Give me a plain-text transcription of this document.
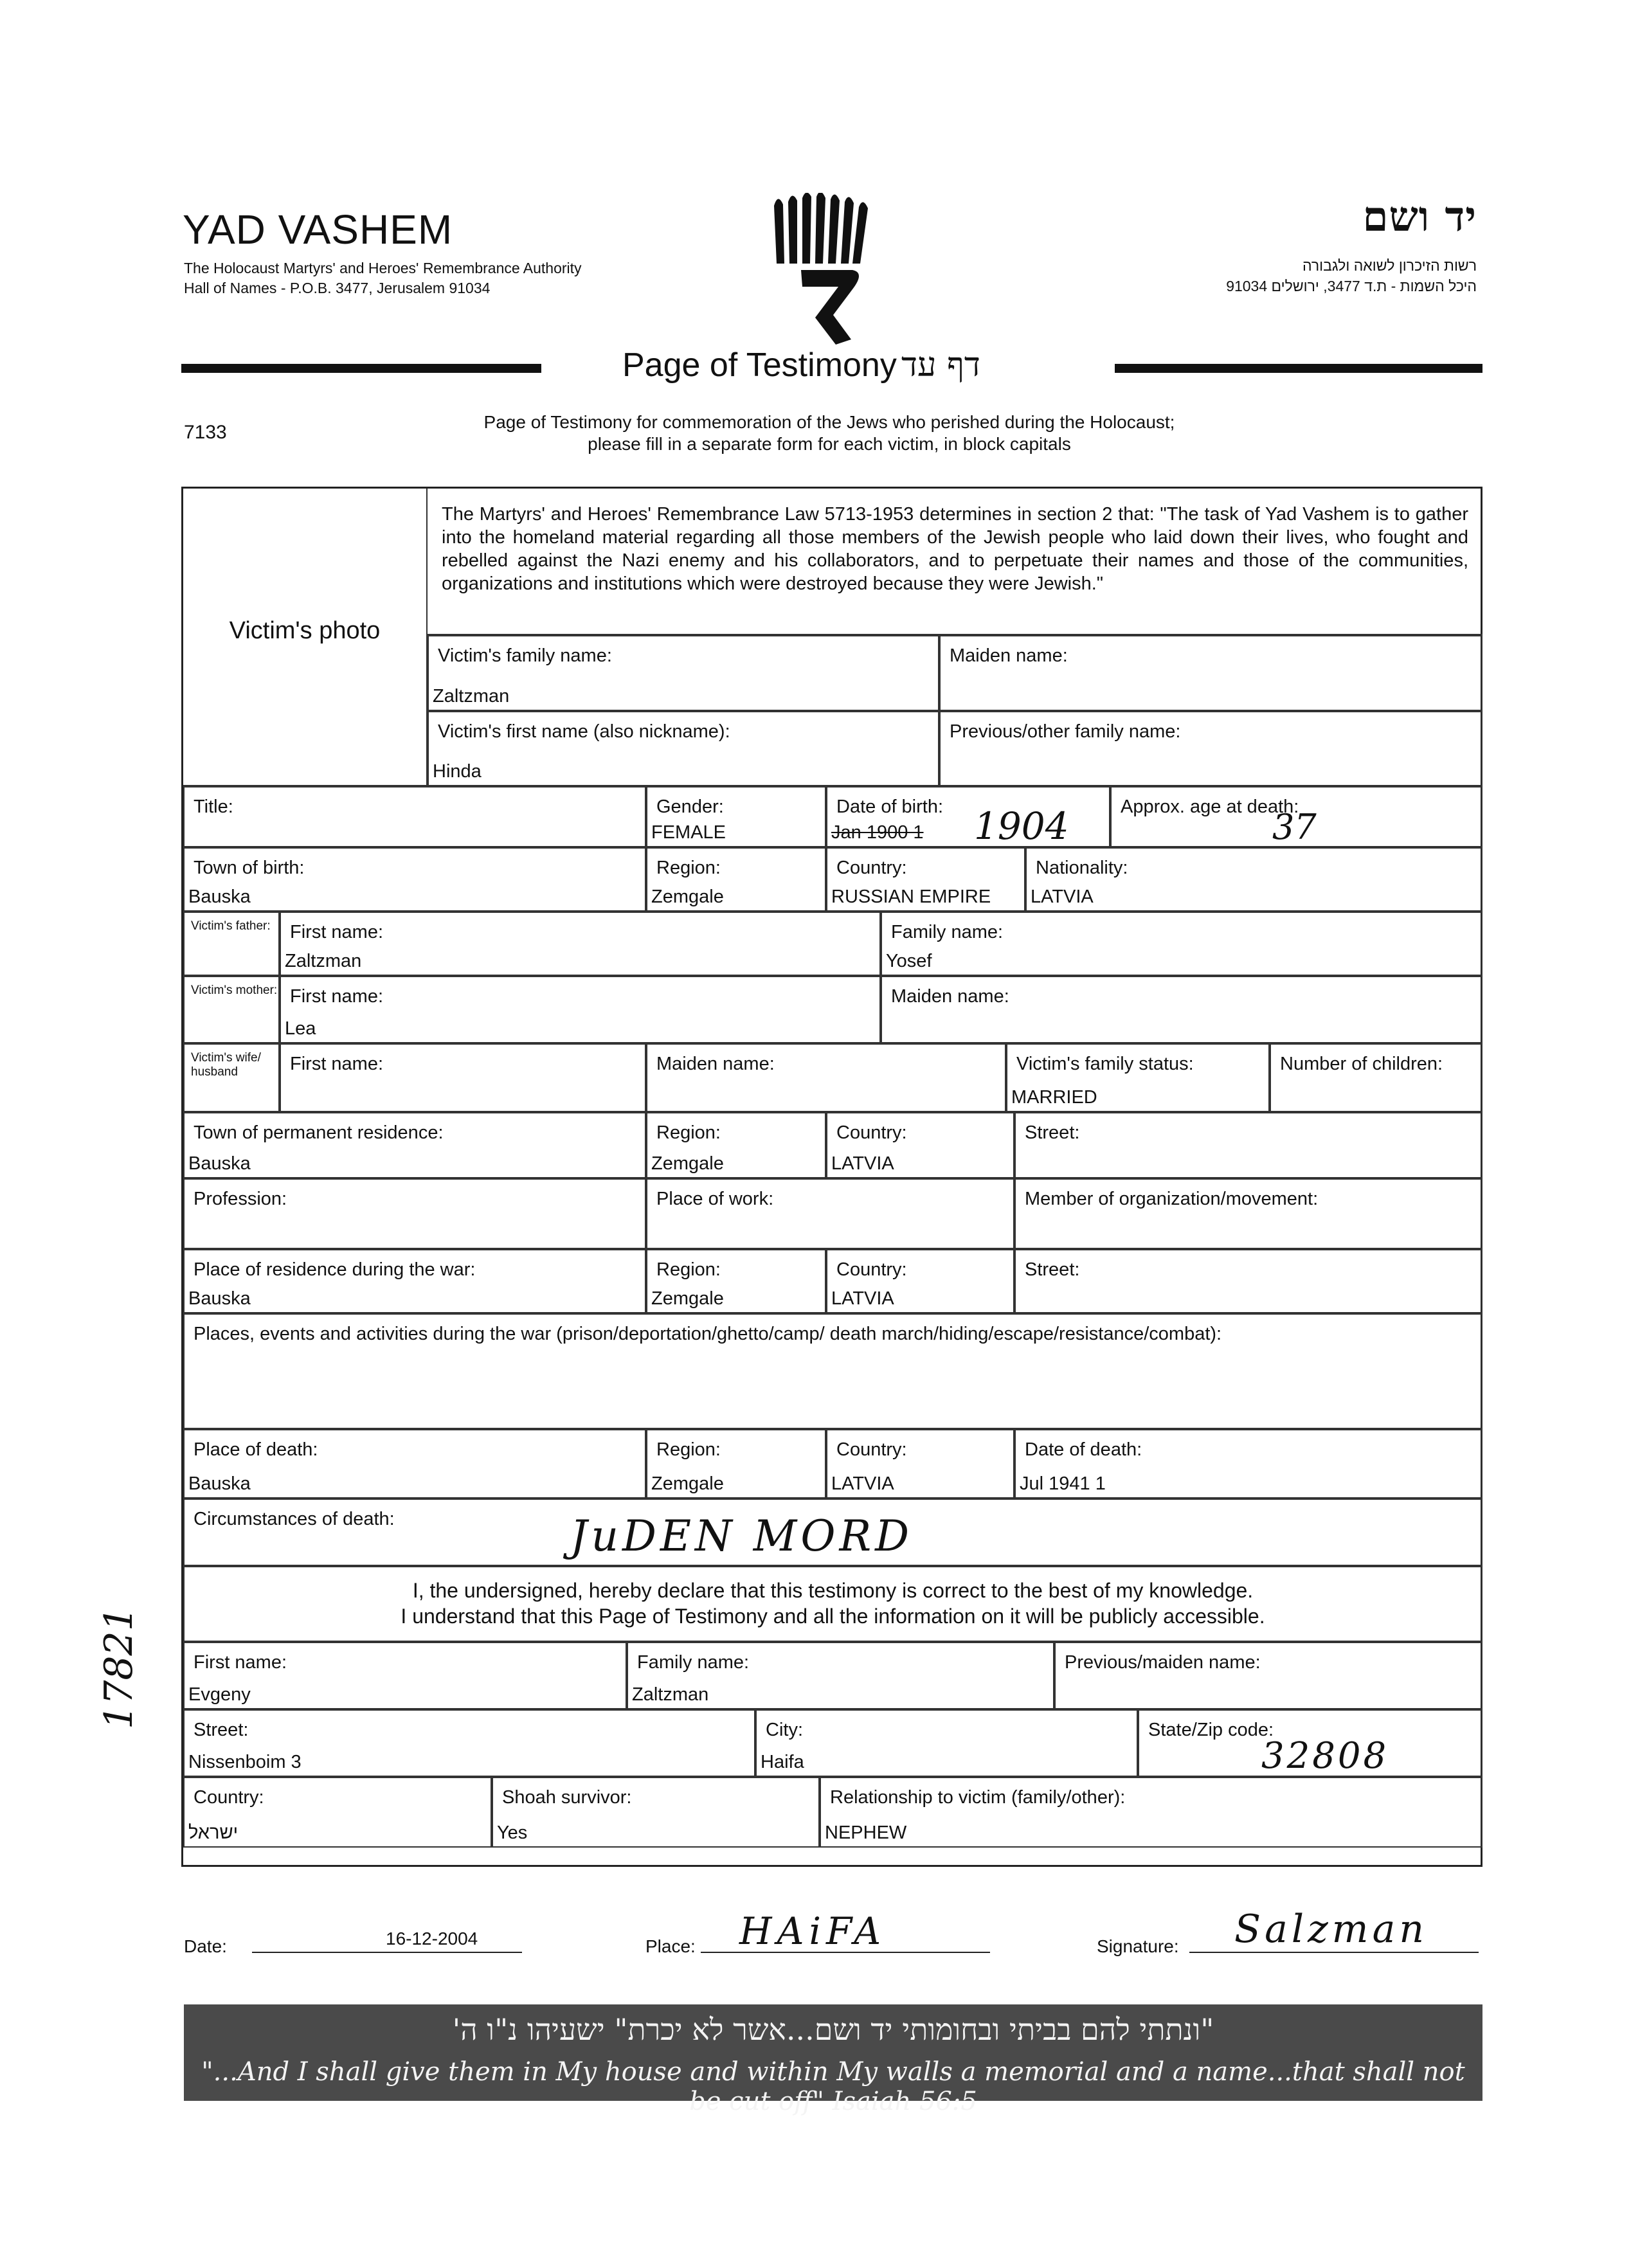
YAD VASHEM
The Holocaust Martyrs' and Heroes' Remembrance Authority
Hall of Names - P.O.B. 3477, Jerusalem 91034
יד ושם
רשות הזיכרון לשואה ולגבורה
היכל השמות - ת.ד 3477, ירושלים 91034
Page of Testimony דף עד
7133	Page of Testimony for commemoration of the Jews who perished during the Holocaust;
please fill in a separate form for each victim, in block capitals
Victim's photo
The Martyrs' and Heroes' Remembrance Law 5713-1953 determines in section 2 that: "The task of Yad Vashem is to gather into the homeland material regarding all those members of the Jewish people who laid down their lives, who fought and rebelled against the Nazi enemy and his collaborators, and to perpetuate their names and those of the communities, organizations and institutions which were destroyed because they were Jewish."
Victim's family name:
Zaltzman
Maiden name:
Victim's first name (also nickname):
Hinda
Previous/other family name:
Title:	Gender:
FEMALE
Date of birth:
Jan 1900 1 1904	Approx. age at death:
37
Town of birth:
Bauska
Region:
Zemgale
Country:
RUSSIAN EMPIRE
Nationality:
LATVIA
Victim's father: First name:
Zaltzman
Family name:
Yosef
Victim's mother: First name:
Lea
Maiden name:
Victim's wife/ husband	First name:	Maiden name:	Victim's family status:
MARRIED
Number of children:
Town of permanent residence:
Bauska
Region:
Zemgale
Country:
LATVIA
Street:
Profession:	Place of work:	Member of organization/movement:
Place of residence during the war:
Bauska
Region:
Zemgale
Country:
LATVIA
Street:
Places, events and activities during the war (prison/deportation/ghetto/camp/ death march/hiding/escape/resistance/combat):
Place of death:
Bauska
Region:
Zemgale
Country:
LATVIA
Date of death:
Jul 1941 1
Circumstances of death:	JuDEN MORD
I, the undersigned, hereby declare that this testimony is correct to the best of my knowledge.
I understand that this Page of Testimony and all the information on it will be publicly accessible.
First name:
Evgeny
Family name:
Zaltzman
Previous/maiden name:
Street:
Nissenboim 3
City:
Haifa
State/Zip code:
32808
Country:
ישראל
Shoah survivor:
Yes
Relationship to victim (family/other):
NEPHEW
17821
Date:	16-12-2004	Place: HAiFA	Signature: Salzman
"ונתתי להם בביתי ובחומותי יד ושם...אשר לא יכרת" ישעיהו נ"ו ה'
"...And I shall give them in My house and within My walls a memorial and a name...that shall not be cut off" Isaiah 56:5
